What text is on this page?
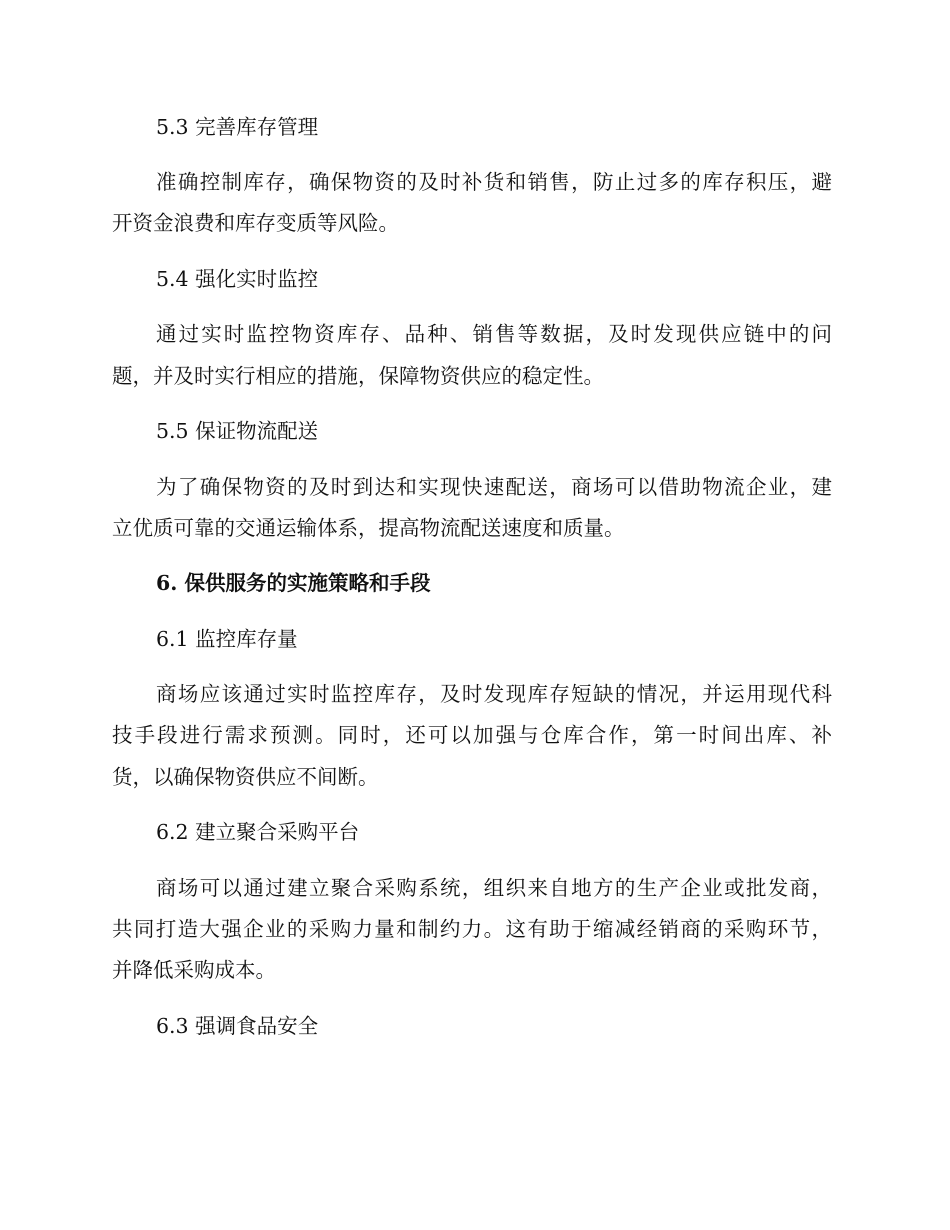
5.3 完善库存管理
准确控制库存，确保物资的及时补货和销售，防止过多的库存积压，避
开资金浪费和库存变质等风险。
5.4 强化实时监控
通过实时监控物资库存、品种、销售等数据，及时发现供应链中的问
题，并及时实行相应的措施，保障物资供应的稳定性。
5.5 保证物流配送
为了确保物资的及时到达和实现快速配送，商场可以借助物流企业，建
立优质可靠的交通运输体系，提高物流配送速度和质量。
6. 保供服务的实施策略和手段
6.1 监控库存量
商场应该通过实时监控库存，及时发现库存短缺的情况，并运用现代科
技手段进行需求预测。同时，还可以加强与仓库合作，第一时间出库、补
货，以确保物资供应不间断。
6.2 建立聚合采购平台
商场可以通过建立聚合采购系统，组织来自地方的生产企业或批发商，
共同打造大强企业的采购力量和制约力。这有助于缩减经销商的采购环节，
并降低采购成本。
6.3 强调食品安全
